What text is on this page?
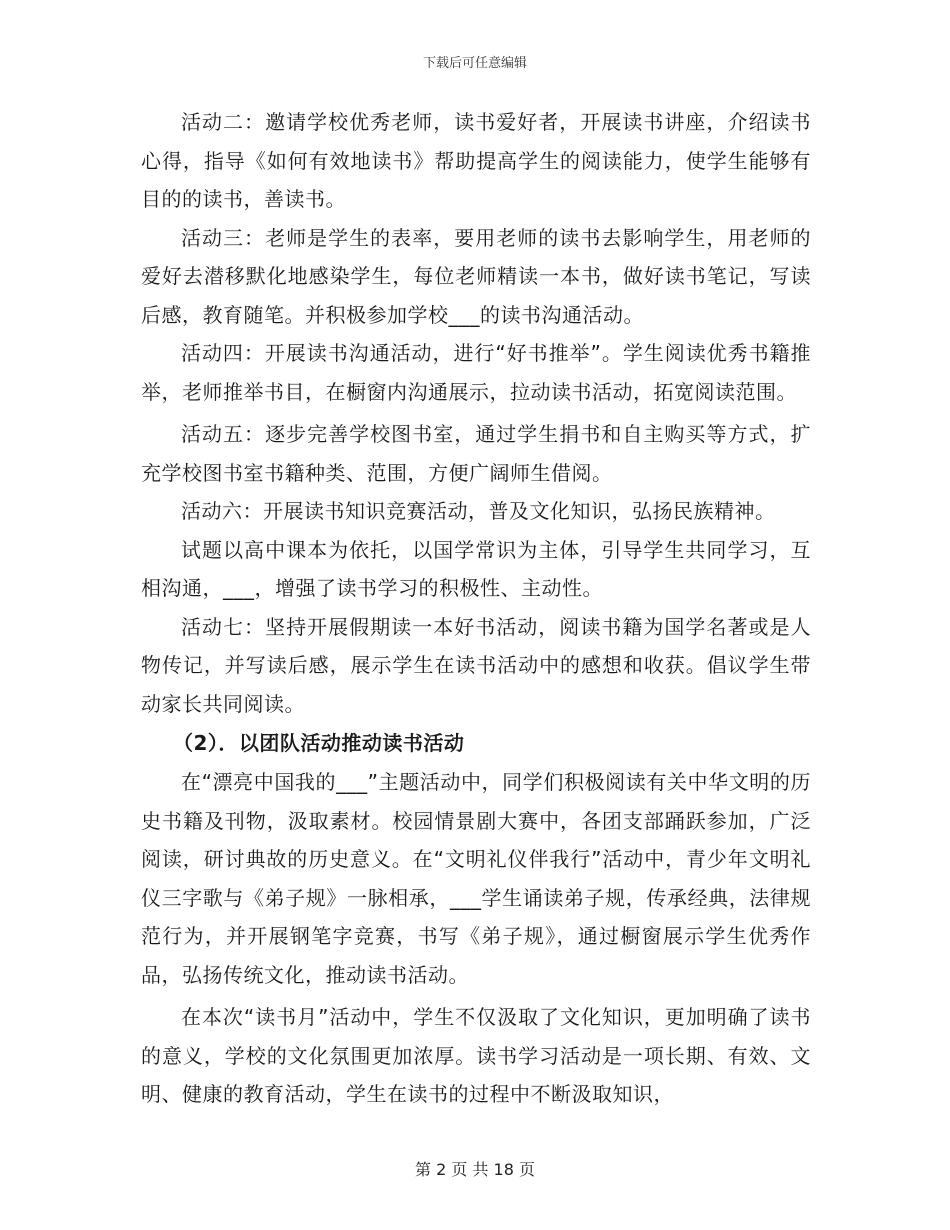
下载后可任意编辑

活动二：邀请学校优秀老师，读书爱好者，开展读书讲座，介绍读书心得，指导《如何有效地读书》帮助提高学生的阅读能力，使学生能够有目的的读书，善读书。

活动三：老师是学生的表率，要用老师的读书去影响学生，用老师的爱好去潜移默化地感染学生，每位老师精读一本书，做好读书笔记，写读后感，教育随笔。并积极参加学校___的读书沟通活动。

活动四：开展读书沟通活动，进行“好书推举”。学生阅读优秀书籍推举，老师推举书目，在橱窗内沟通展示，拉动读书活动，拓宽阅读范围。

活动五：逐步完善学校图书室，通过学生捐书和自主购买等方式，扩充学校图书室书籍种类、范围，方便广阔师生借阅。

活动六：开展读书知识竞赛活动，普及文化知识，弘扬民族精神。

试题以高中课本为依托，以国学常识为主体，引导学生共同学习，互相沟通，___，增强了读书学习的积极性、主动性。

活动七：坚持开展假期读一本好书活动，阅读书籍为国学名著或是人物传记，并写读后感，展示学生在读书活动中的感想和收获。倡议学生带动家长共同阅读。

（2）．以团队活动推动读书活动

在“漂亮中国我的___”主题活动中，同学们积极阅读有关中华文明的历史书籍及刊物，汲取素材。校园情景剧大赛中，各团支部踊跃参加，广泛阅读，研讨典故的历史意义。在“文明礼仪伴我行”活动中，青少年文明礼仪三字歌与《弟子规》一脉相承，___学生诵读弟子规，传承经典，法律规范行为，并开展钢笔字竞赛，书写《弟子规》，通过橱窗展示学生优秀作品，弘扬传统文化，推动读书活动。

在本次“读书月”活动中，学生不仅汲取了文化知识，更加明确了读书的意义，学校的文化氛围更加浓厚。读书学习活动是一项长期、有效、文明、健康的教育活动，学生在读书的过程中不断汲取知识，

第 2 页 共 18 页
